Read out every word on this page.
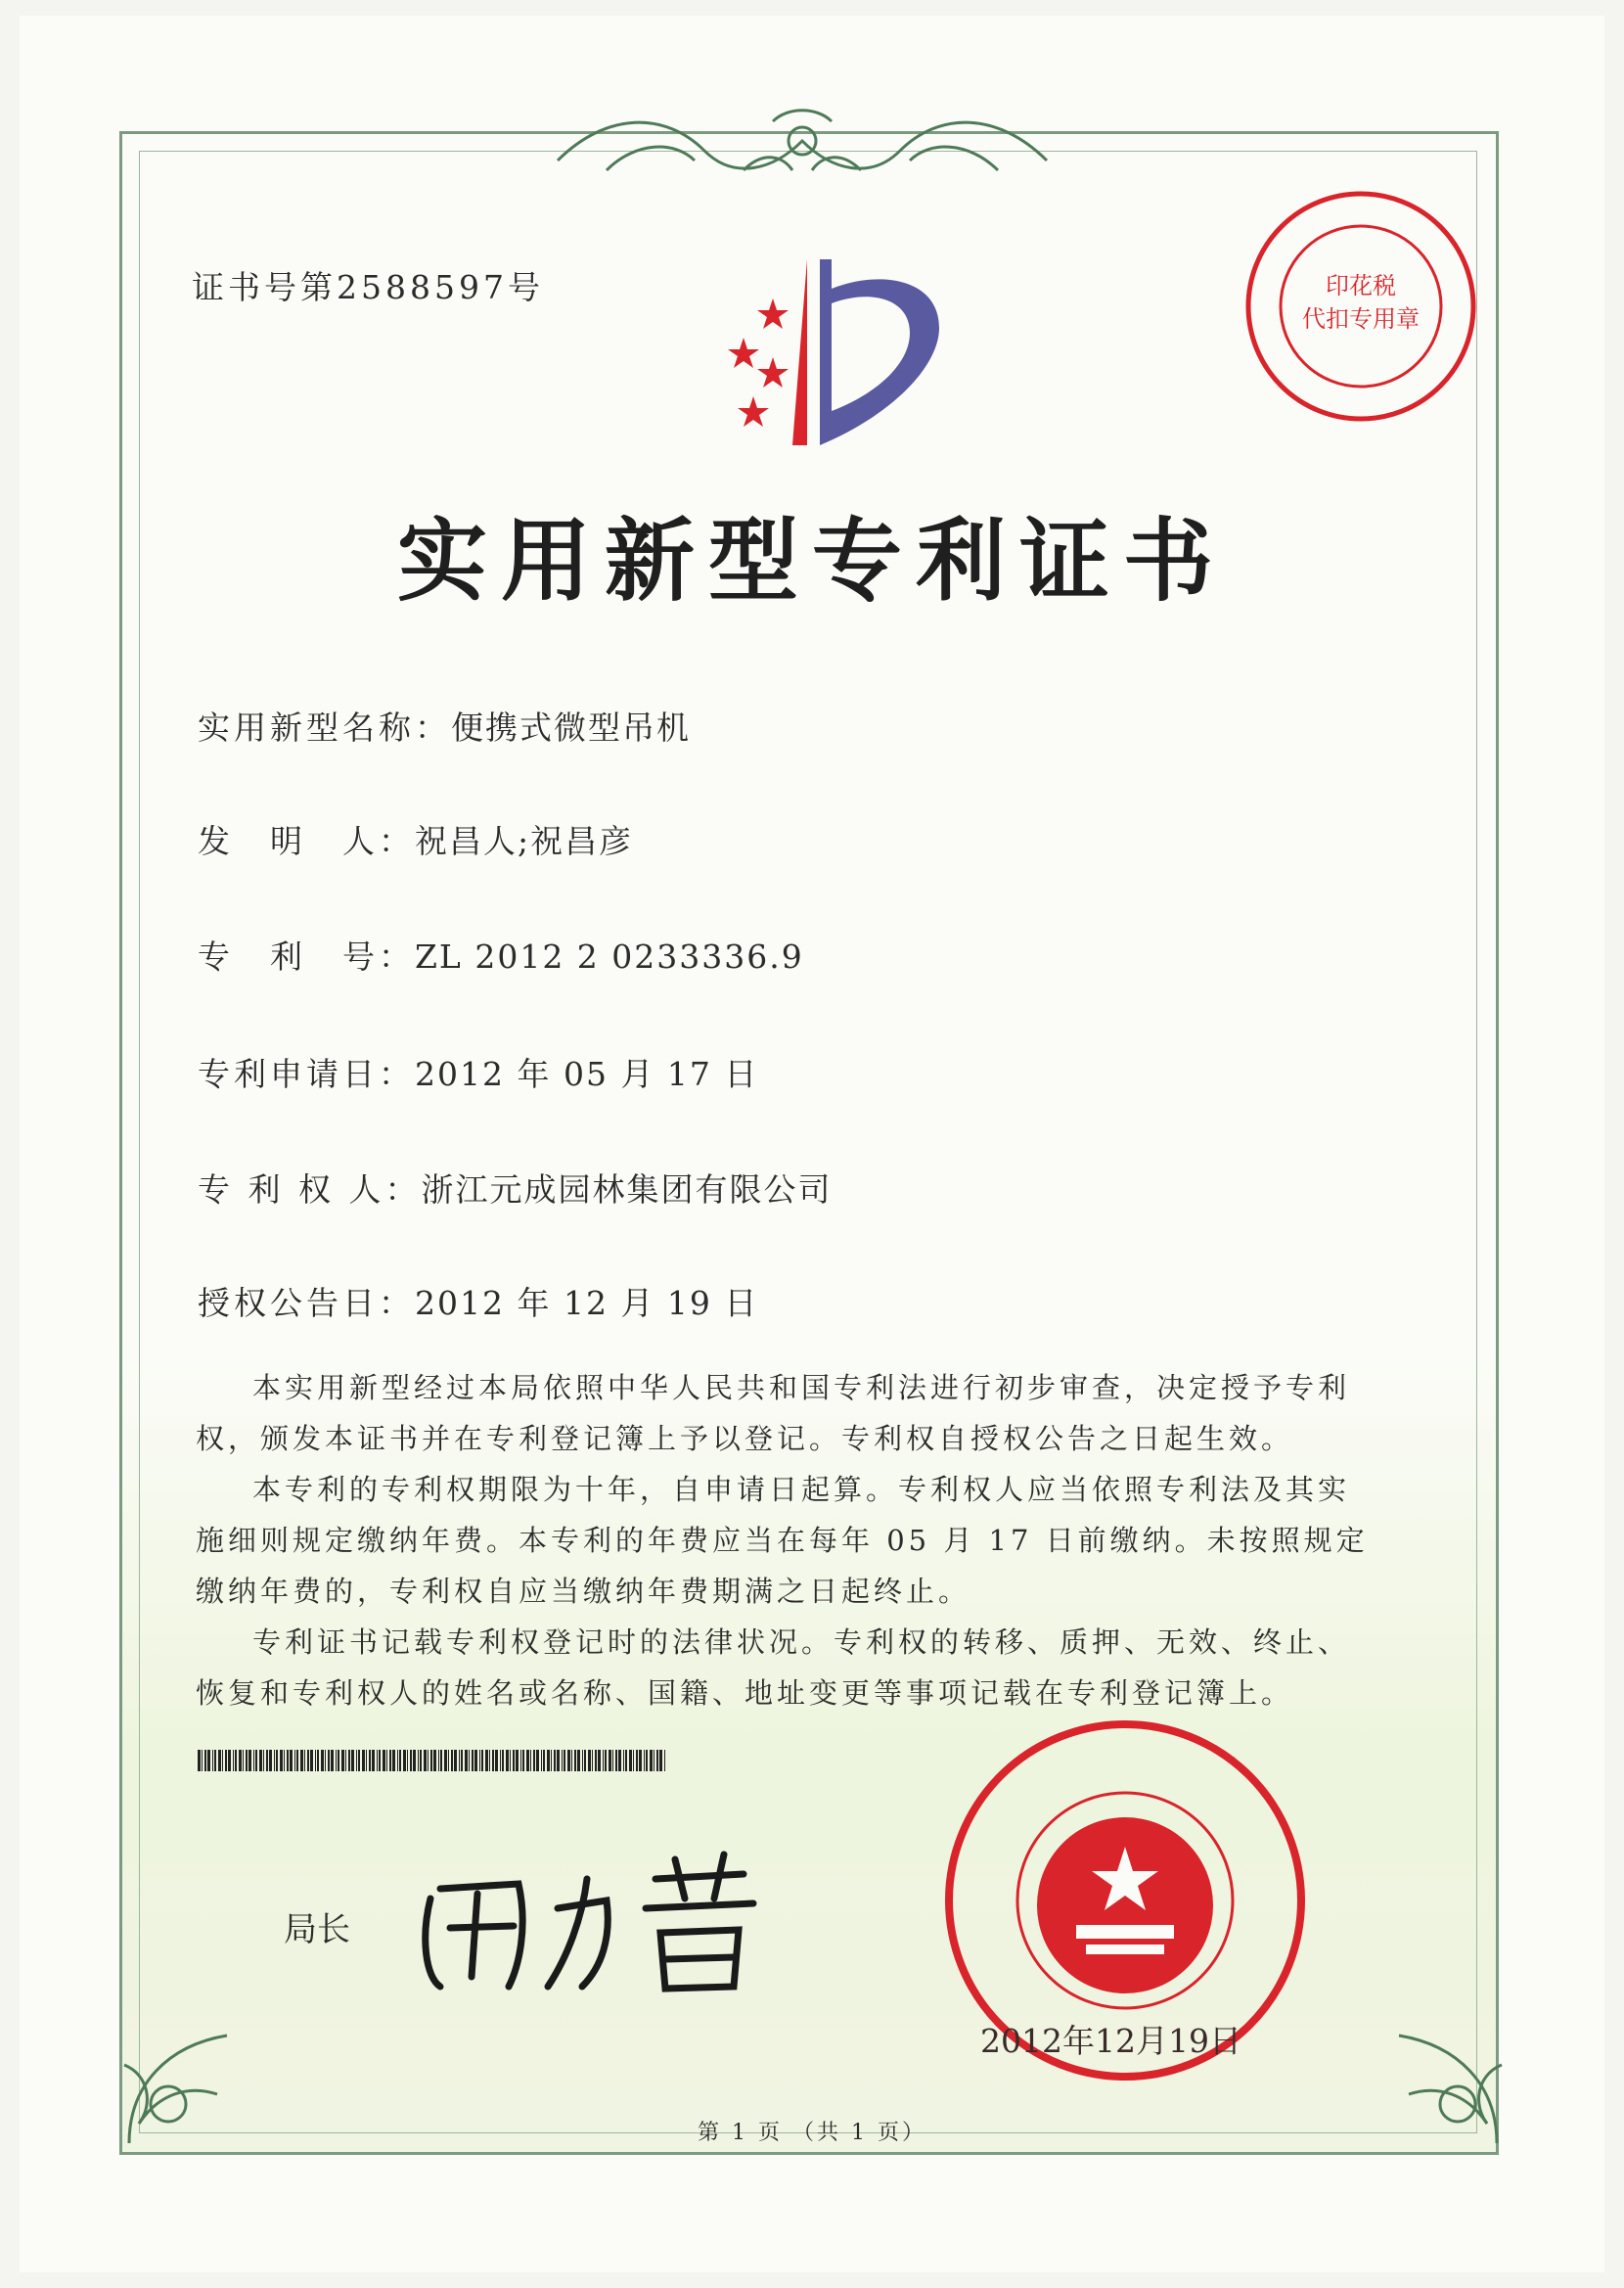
证书号第2588597号	印花税
代扣专用章
实用新型专利证书
实用新型名称：便携式微型吊机
发　明　人：祝昌人;祝昌彦
专　利　号：ZL 2012 2 0233336.9
专利申请日：2012 年 05 月 17 日
专 利 权 人：浙江元成园林集团有限公司
授权公告日：2012 年 12 月 19 日

本实用新型经过本局依照中华人民共和国专利法进行初步审查，决定授予专利权，颁发本证书并在专利登记簿上予以登记。专利权自授权公告之日起生效。

本专利的专利权期限为十年，自申请日起算。专利权人应当依照专利法及其实施细则规定缴纳年费。本专利的年费应当在每年 05 月 17 日前缴纳。未按照规定缴纳年费的，专利权自应当缴纳年费期满之日起终止。

专利证书记载专利权登记时的法律状况。专利权的转移、质押、无效、终止、恢复和专利权人的姓名或名称、国籍、地址变更等事项记载在专利登记簿上。

局长
2012年12月19日
第 1 页 （共 1 页）
